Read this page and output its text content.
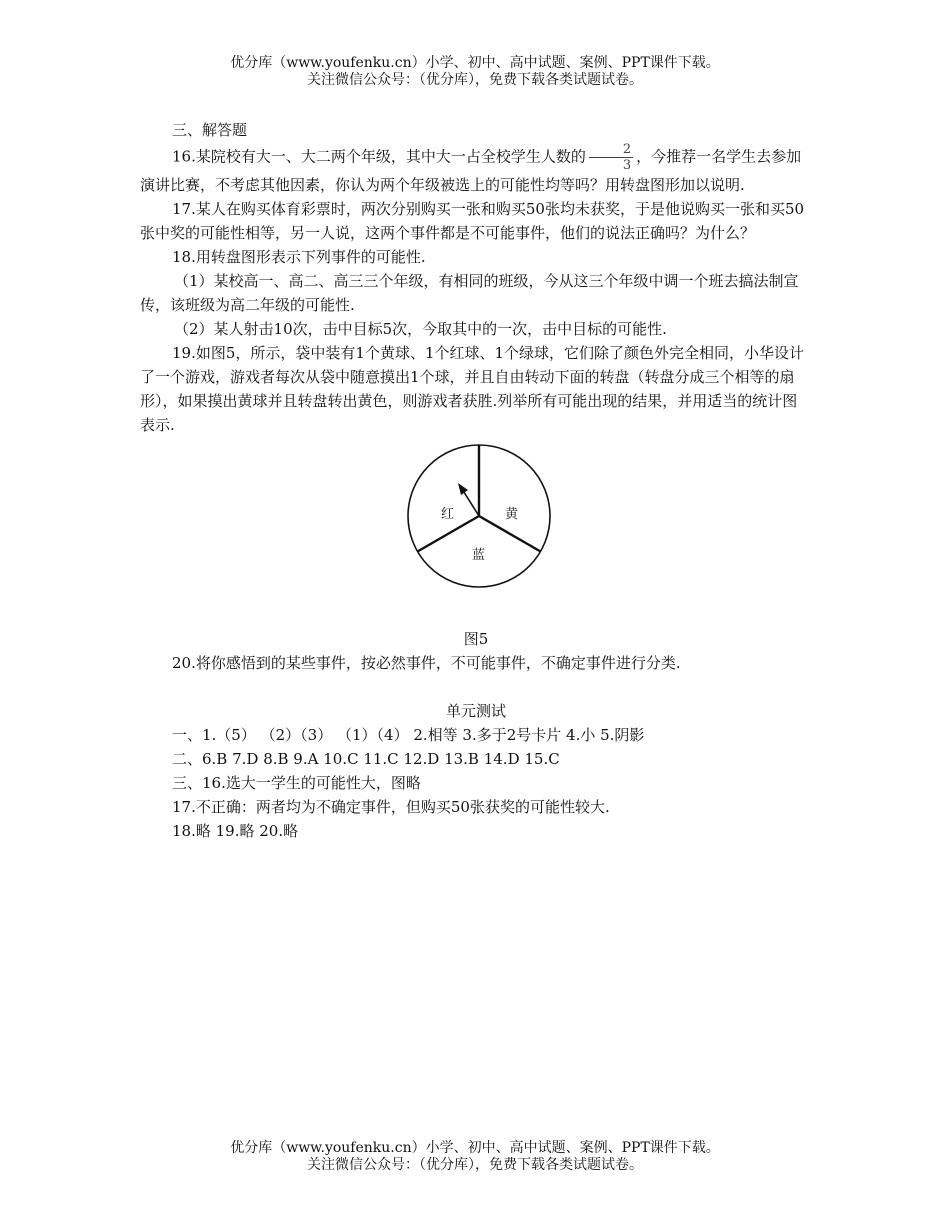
优分库（www.youfenku.cn）小学、初中、高中试题、案例、PPT课件下载。
关注微信公众号：（优分库），免费下载各类试题试卷。

三、解答题

16.某院校有大一、大二两个年级，其中大一占全校学生人数的 $\frac{2}{3}$ ，今推荐一名学生去参加演讲比赛，不考虑其他因素，你认为两个年级被选上的可能性均等吗？用转盘图形加以说明.

17.某人在购买体育彩票时，两次分别购买一张和购买50张均未获奖，于是他说购买一张和买50张中奖的可能性相等，另一人说，这两个事件都是不可能事件，他们的说法正确吗？为什么？

18.用转盘图形表示下列事件的可能性.

（1）某校高一、高二、高三三个年级，有相同的班级，今从这三个年级中调一个班去搞法制宣传，该班级为高二年级的可能性.

（2）某人射击10次，击中目标5次，今取其中的一次，击中目标的可能性.

19.如图5，所示，袋中装有1个黄球、1个红球、1个绿球，它们除了颜色外完全相同，小华设计了一个游戏，游戏者每次从袋中随意摸出1个球，并且自由转动下面的转盘（转盘分成三个相等的扇形），如果摸出黄球并且转盘转出黄色，则游戏者获胜.列举所有可能出现的结果，并用适当的统计图表示.

红	黄
蓝

图5

20.将你感悟到的某些事件，按必然事件，不可能事件，不确定事件进行分类.

单元测试

一、1.（5） （2）（3） （1）（4） 2.相等 3.多于2号卡片 4.小 5.阴影

二、6.B 7.D 8.B 9.A 10.C 11.C 12.D 13.B 14.D 15.C

三、16.选大一学生的可能性大，图略

17.不正确：两者均为不确定事件，但购买50张获奖的可能性较大.

18.略 19.略 20.略

优分库（www.youfenku.cn）小学、初中、高中试题、案例、PPT课件下载。
关注微信公众号：（优分库），免费下载各类试题试卷。
